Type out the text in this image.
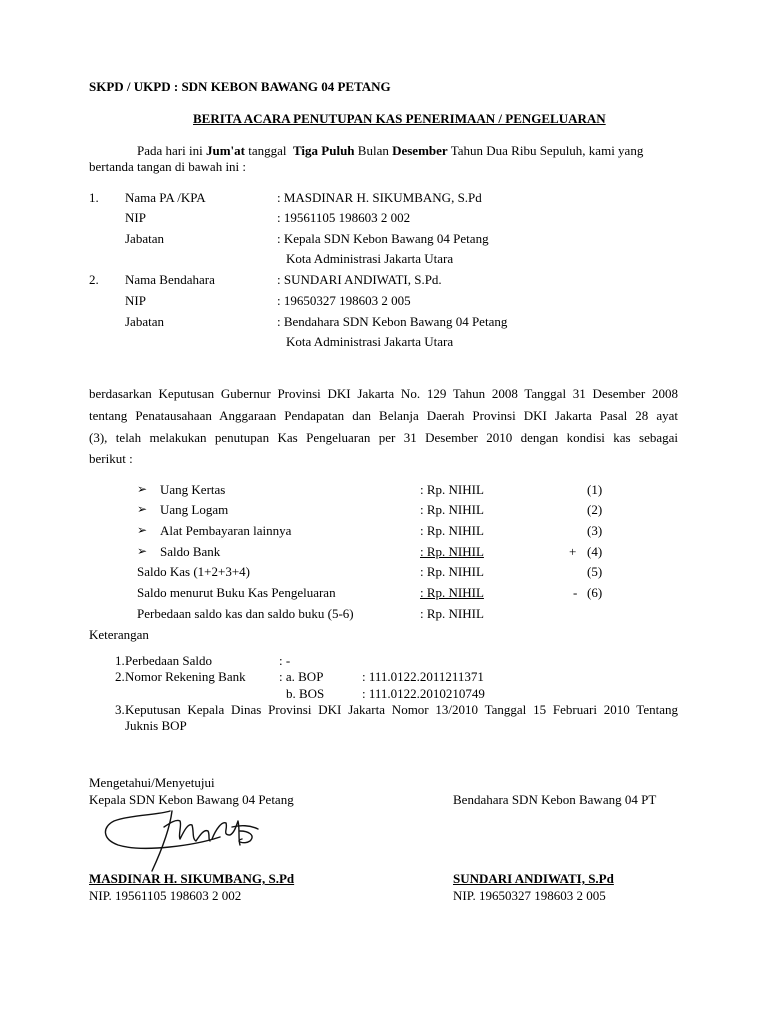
SKPD / UKPD : SDN KEBON BAWANG 04 PETANG
BERITA ACARA PENUTUPAN KAS PENERIMAAN / PENGELUARAN
Pada hari ini Jum'at tanggal Tiga Puluh Bulan Desember Tahun Dua Ribu Sepuluh, kami yang
bertanda tangan di bawah ini :
1. Nama PA /KPA	: MASDINAR H. SIKUMBANG, S.Pd
NIP	: 19561105 198603 2 002
Jabatan	: Kepala SDN Kebon Bawang 04 Petang
Kota Administrasi Jakarta Utara
2. Nama Bendahara	: SUNDARI ANDIWATI, S.Pd.
NIP	: 19650327 198603 2 005
Jabatan	: Bendahara SDN Kebon Bawang 04 Petang
Kota Administrasi Jakarta Utara
berdasarkan Keputusan Gubernur Provinsi DKI Jakarta No. 129 Tahun 2008 Tanggal 31 Desember 2008
tentang Penatausahaan Anggaraan Pendapatan dan Belanja Daerah Provinsi DKI Jakarta Pasal 28 ayat
(3), telah melakukan penutupan Kas Pengeluaran per 31 Desember 2010 dengan kondisi kas sebagai
berikut :
➢ Uang Kertas	: Rp. NIHIL	(1)
➢ Uang Logam	: Rp. NIHIL	(2)
➢ Alat Pembayaran lainnya	: Rp. NIHIL	(3)
➢ Saldo Bank	: Rp. NIHIL	+ (4)
Saldo Kas (1+2+3+4)	: Rp. NIHIL	(5)
Saldo menurut Buku Kas Pengeluaran	: Rp. NIHIL	- (6)
Perbedaan saldo kas dan saldo buku (5-6)	: Rp. NIHIL
Keterangan
1. Perbedaan Saldo	: -
2. Nomor Rekening Bank	: a. BOP	: 111.0122.2011211371
b. BOS	: 111.0122.2010210749
3. Keputusan Kepala Dinas Provinsi DKI Jakarta Nomor 13/2010 Tanggal 15 Februari 2010 Tentang
Juknis BOP
Mengetahui/Menyetujui
Kepala SDN Kebon Bawang 04 Petang	Bendahara SDN Kebon Bawang 04 PT
MASDINAR H. SIKUMBANG, S.Pd
NIP. 19561105 198603 2 002
SUNDARI ANDIWATI, S.Pd
NIP. 19650327 198603 2 005
